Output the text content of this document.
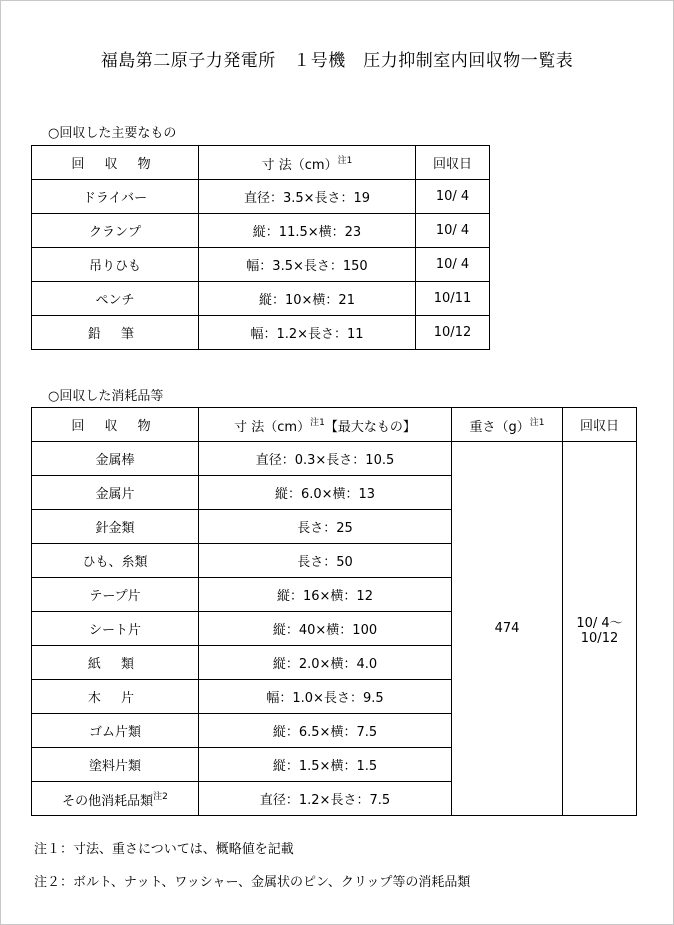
福島第二原子力発電所　１号機　圧力抑制室内回収物一覧表
○回収した主要なもの
回 収 物	寸 法（cm）$^{注1}$	回収日
ドライバー	直径：3.5×長さ：19	10/ 4
クランプ	縦：11.5×横：23	10/ 4
吊りひも	幅：3.5×長さ：150	10/ 4
ペンチ	縦：10×横：21	10/11
鉛 筆	幅：1.2×長さ：11	10/12
○回収した消耗品等
回 収 物	寸 法（cm）$^{注1}$【最大なもの】	重さ$(g)^{注1}$	回収日
金属棒	直径：0.3×長さ：10.5	474	10/ 4～
10/12
金属片	縦：6.0×横：13		
針金類	長さ：25		
ひも、糸類	長さ：50		
テープ片	縦：16×横：12		
シート片	縦：40×横：100		
紙 類	縦：2.0×横：4.0		
木 片	幅：1.0×長さ：9.5		
ゴム片類	縦：6.5×横：7.5		
塗料片類	縦：1.5×横：1.5		
その他消耗品類$^{注2}$	直径：1.2×長さ：7.5		
注１：寸法、重さについては、概略値を記載
注２：ボルト、ナット、ワッシャー、金属状のピン、クリップ等の消耗品類
